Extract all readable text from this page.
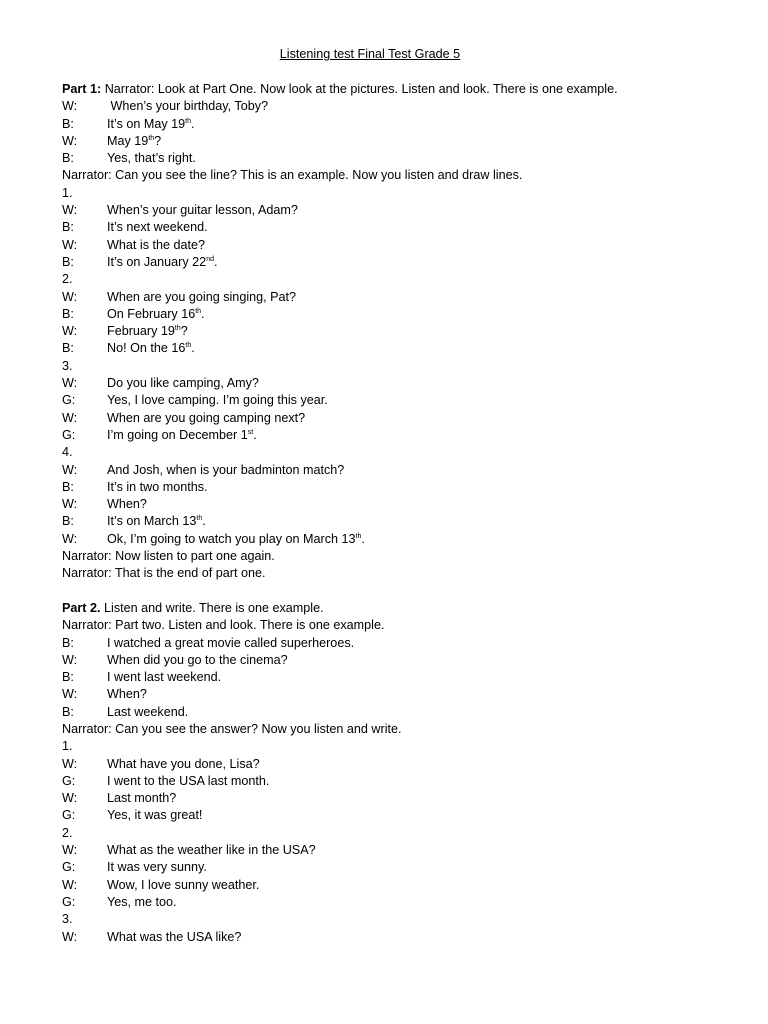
Listening test Final Test Grade 5
Part 1: Narrator: Look at Part One. Now look at the pictures. Listen and look. There is one example.
W: When’s your birthday, Toby?
B:	It’s on May 19th.
W: May 19th?
B:	Yes, that’s right.
Narrator: Can you see the line? This is an example. Now you listen and draw lines.
1.
W: When’s your guitar lesson, Adam?
B:	It’s next weekend.
W: What is the date?
B:	It’s on January 22nd.
2.
W: When are you going singing, Pat?
B:	On February 16th.
W: February 19th?
B:	No! On the 16th.
3.
W: Do you like camping, Amy?
G:	Yes, I love camping. I’m going this year.
W: When are you going camping next?
G:	I’m going on December 1st.
4.
W: And Josh, when is your badminton match?
B:	It’s in two months.
W: When?
B:	It’s on March 13th.
W: Ok, I’m going to watch you play on March 13th.
Narrator: Now listen to part one again.
Narrator: That is the end of part one.
Part 2. Listen and write. There is one example.
Narrator: Part two. Listen and look. There is one example.
B:	I watched a great movie called superheroes.
W: When did you go to the cinema?
B:	I went last weekend.
W: When?
B:	Last weekend.
Narrator: Can you see the answer? Now you listen and write.
1.
W: What have you done, Lisa?
G:	I went to the USA last month.
W: Last month?
G:	Yes, it was great!
2.
W: What as the weather like in the USA?
G:	It was very sunny.
W: Wow, I love sunny weather.
G:	Yes, me too.
3.
W: What was the USA like?
